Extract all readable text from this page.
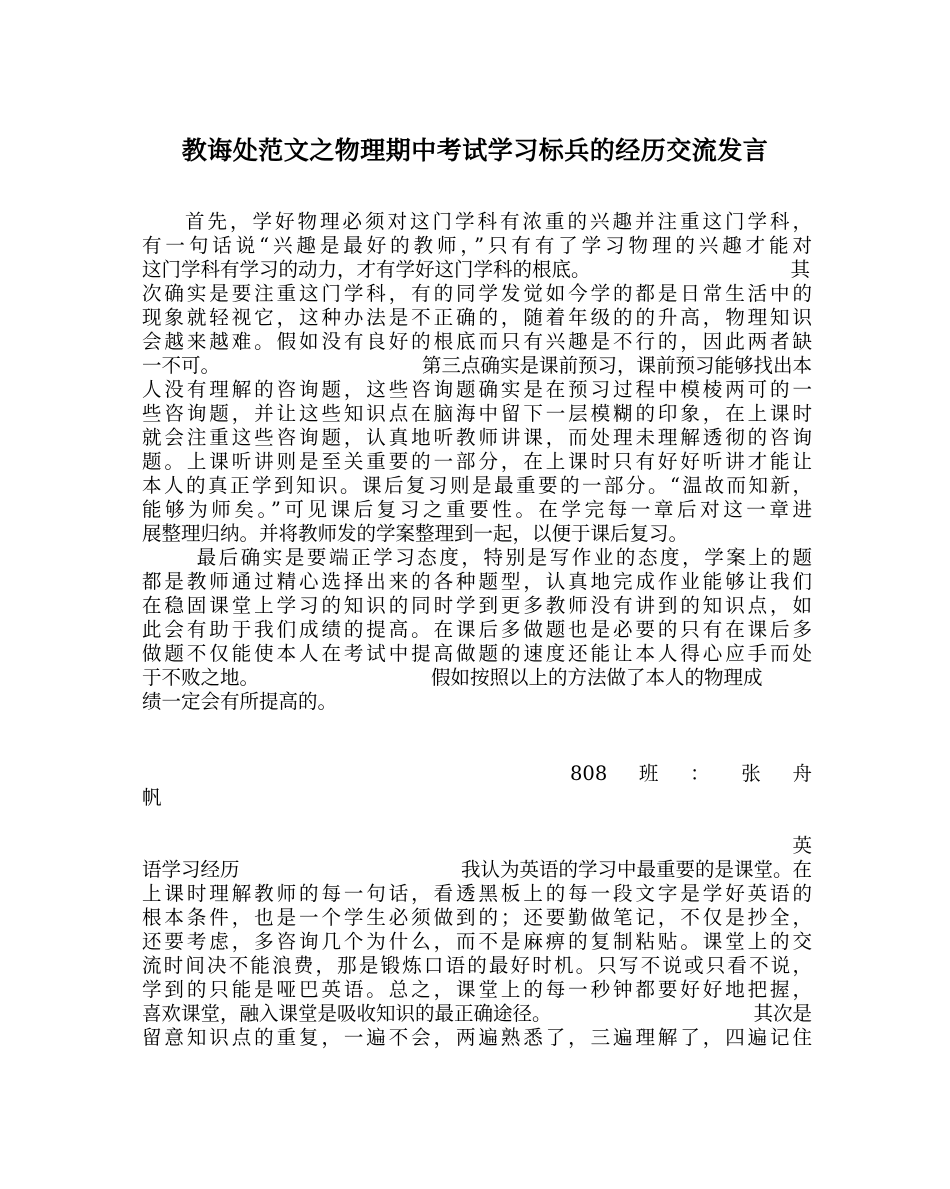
教诲处范文之物理期中考试学习标兵的经历交流发言
首先，学好物理必须对这门学科有浓重的兴趣并注重这门学科，
有一句话说“兴趣是最好的教师，”只有有了学习物理的兴趣才能对
这门学科有学习的动力，才有学好这门学科的根底。	其
次确实是要注重这门学科，有的同学发觉如今学的都是日常生活中的
现象就轻视它，这种办法是不正确的，随着年级的的升高，物理知识
会越来越难。假如没有良好的根底而只有兴趣是不行的，因此两者缺
一不可。	第三点确实是课前预习，课前预习能够找出本
人没有理解的咨询题，这些咨询题确实是在预习过程中模棱两可的一
些咨询题，并让这些知识点在脑海中留下一层模糊的印象，在上课时
就会注重这些咨询题，认真地听教师讲课，而处理未理解透彻的咨询
题。上课听讲则是至关重要的一部分，在上课时只有好好听讲才能让
本人的真正学到知识。课后复习则是最重要的一部分。“温故而知新，
能够为师矣。”可见课后复习之重要性。在学完每一章后对这一章进
展整理归纳。并将教师发的学案整理到一起，以便于课后复习。
最后确实是要端正学习态度，特别是写作业的态度，学案上的题
都是教师通过精心选择出来的各种题型，认真地完成作业能够让我们
在稳固课堂上学习的知识的同时学到更多教师没有讲到的知识点，如
此会有助于我们成绩的提高。在课后多做题也是必要的只有在课后多
做题不仅能使本人在考试中提高做题的速度还能让本人得心应手而处
于不败之地。	假如按照以上的方法做了本人的物理成
绩一定会有所提高的。
808 班 ： 张 舟
帆
英
语学习经历	我认为英语的学习中最重要的是课堂。在
上课时理解教师的每一句话，看透黑板上的每一段文字是学好英语的
根本条件，也是一个学生必须做到的；还要勤做笔记，不仅是抄全，
还要考虑，多咨询几个为什么，而不是麻痹的复制粘贴。课堂上的交
流时间决不能浪费，那是锻炼口语的最好时机。只写不说或只看不说，
学到的只能是哑巴英语。总之，课堂上的每一秒钟都要好好地把握，
喜欢课堂，融入课堂是吸收知识的最正确途径。	其次是
留意知识点的重复，一遍不会，两遍熟悉了，三遍理解了，四遍记住
